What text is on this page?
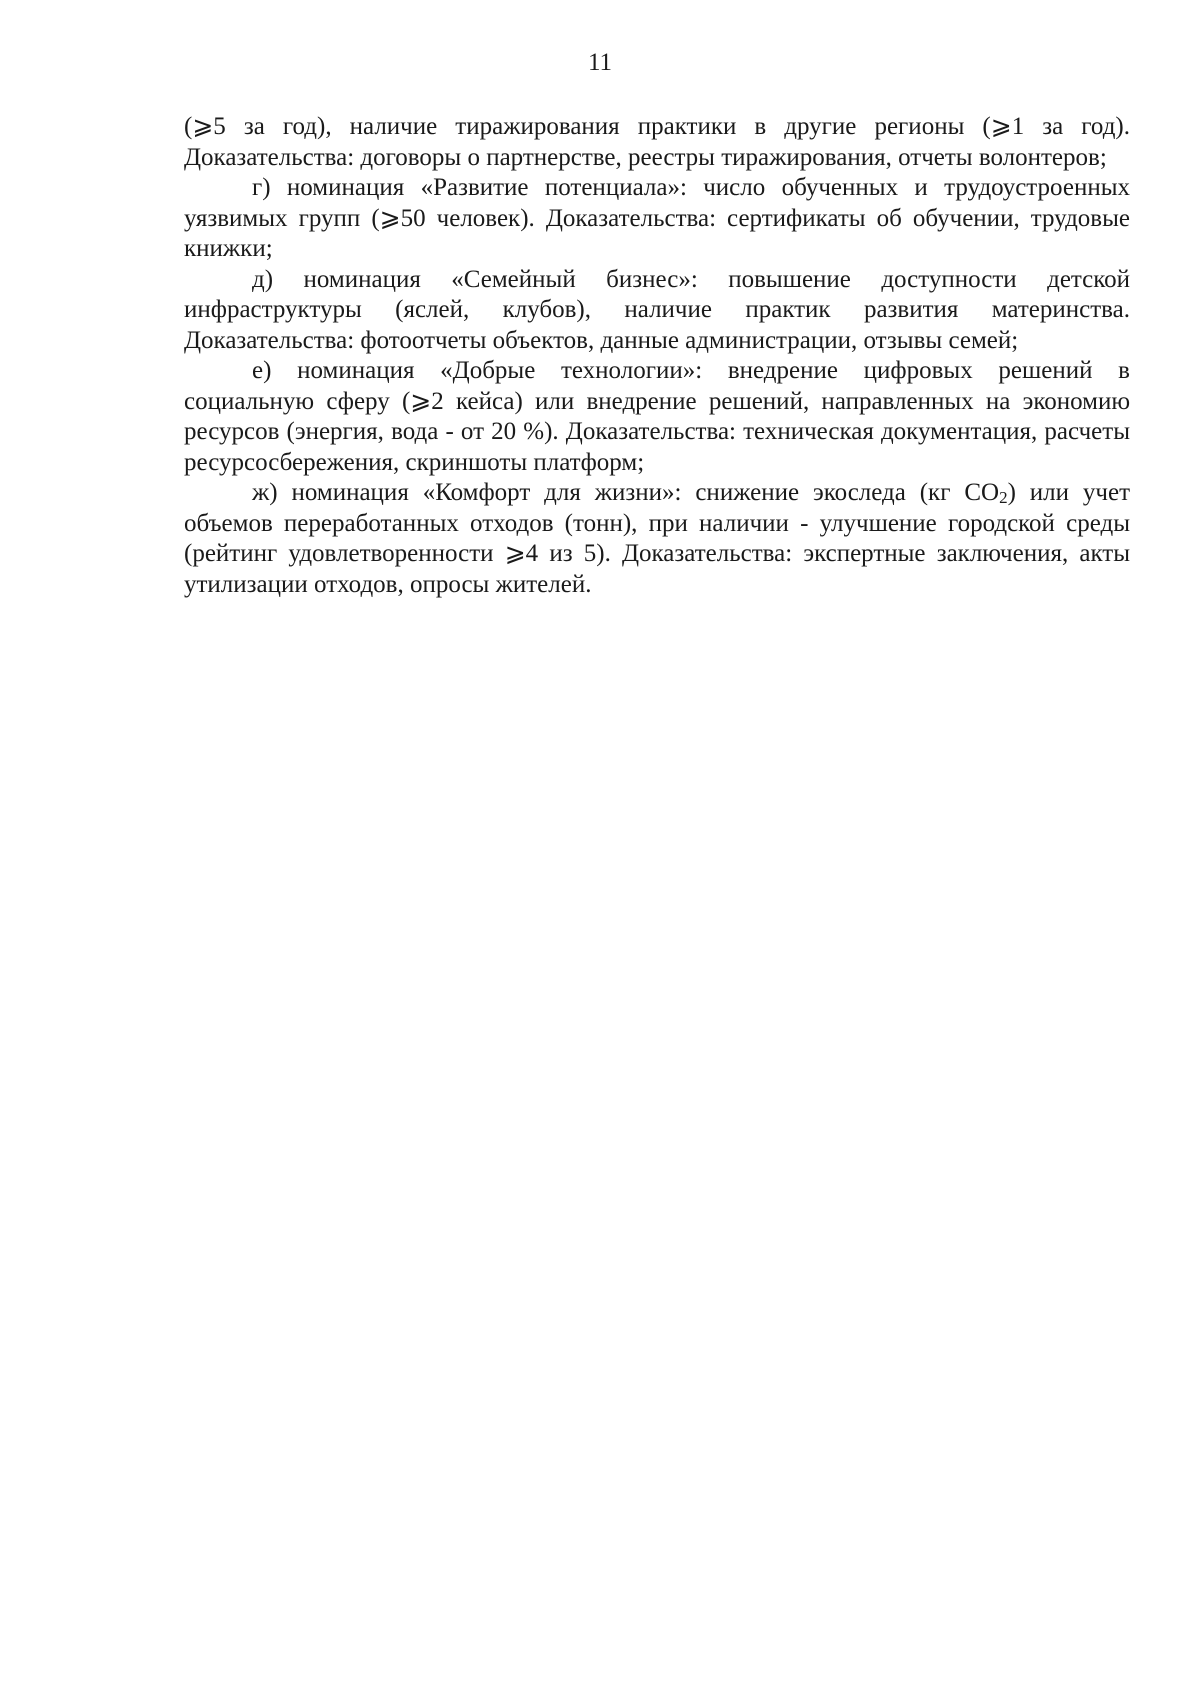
11

(⩾5 за год), наличие тиражирования практики в другие регионы (⩾1 за год). Доказательства: договоры о партнерстве, реестры тиражирования, отчеты волонтеров;

г) номинация «Развитие потенциала»: число обученных и трудоустроенных уязвимых групп (⩾50 человек). Доказательства: сертификаты об обучении, трудовые книжки;

д) номинация «Семейный бизнес»: повышение доступности детской инфраструктуры (яслей, клубов), наличие практик развития материнства. Доказательства: фотоотчеты объектов, данные администрации, отзывы семей;

е) номинация «Добрые технологии»: внедрение цифровых решений в социальную сферу (⩾2 кейса) или внедрение решений, направленных на экономию ресурсов (энергия, вода - от 20 %). Доказательства: техническая документация, расчеты ресурсосбережения, скриншоты платформ;

ж) номинация «Комфорт для жизни»: снижение экоследа (кг $CO_2$) или учет объемов переработанных отходов (тонн), при наличии - улучшение городской среды (рейтинг удовлетворенности ⩾4 из 5). Доказательства: экспертные заключения, акты утилизации отходов, опросы жителей.
